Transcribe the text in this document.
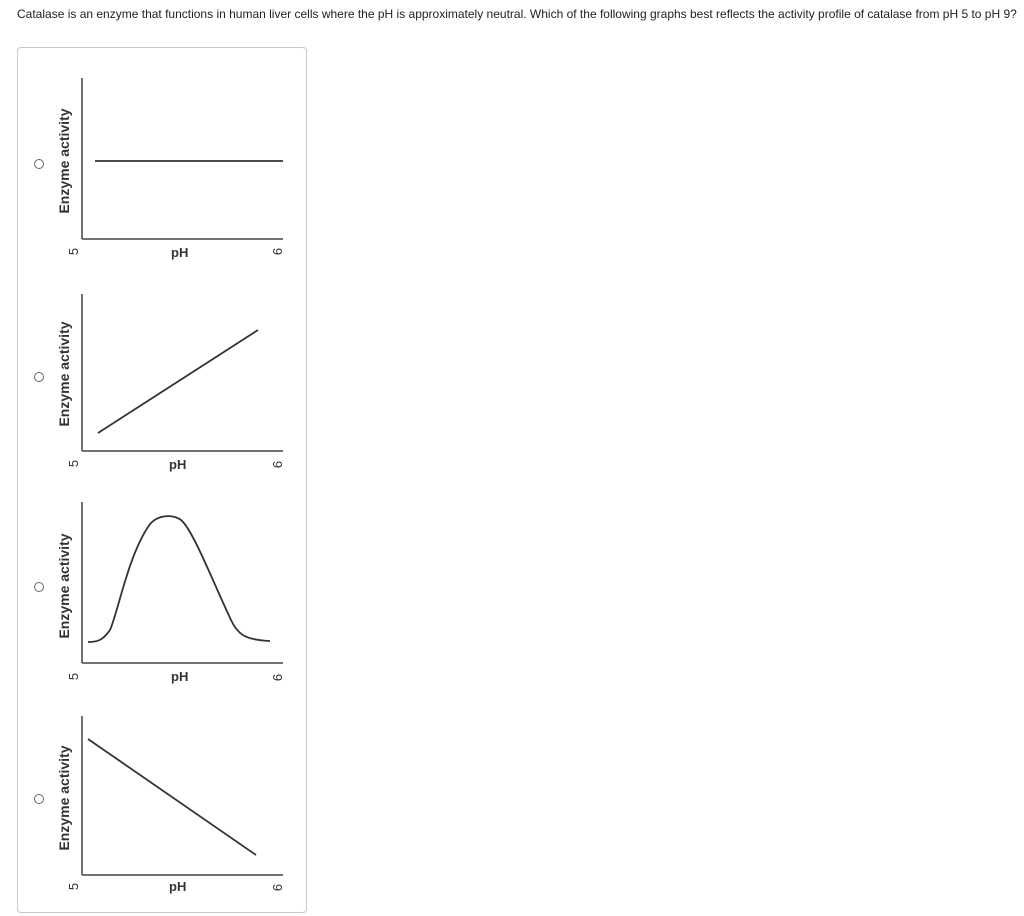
Catalase is an enzyme that functions in human liver cells where the pH is approximately neutral. Which of the following graphs best reflects the activity profile of catalase from pH 5 to pH 9?
Enzyme activity
5	pH	9
Enzyme activity
5	pH	9
Enzyme activity
5	pH	9
Enzyme activity
5	pH	9
